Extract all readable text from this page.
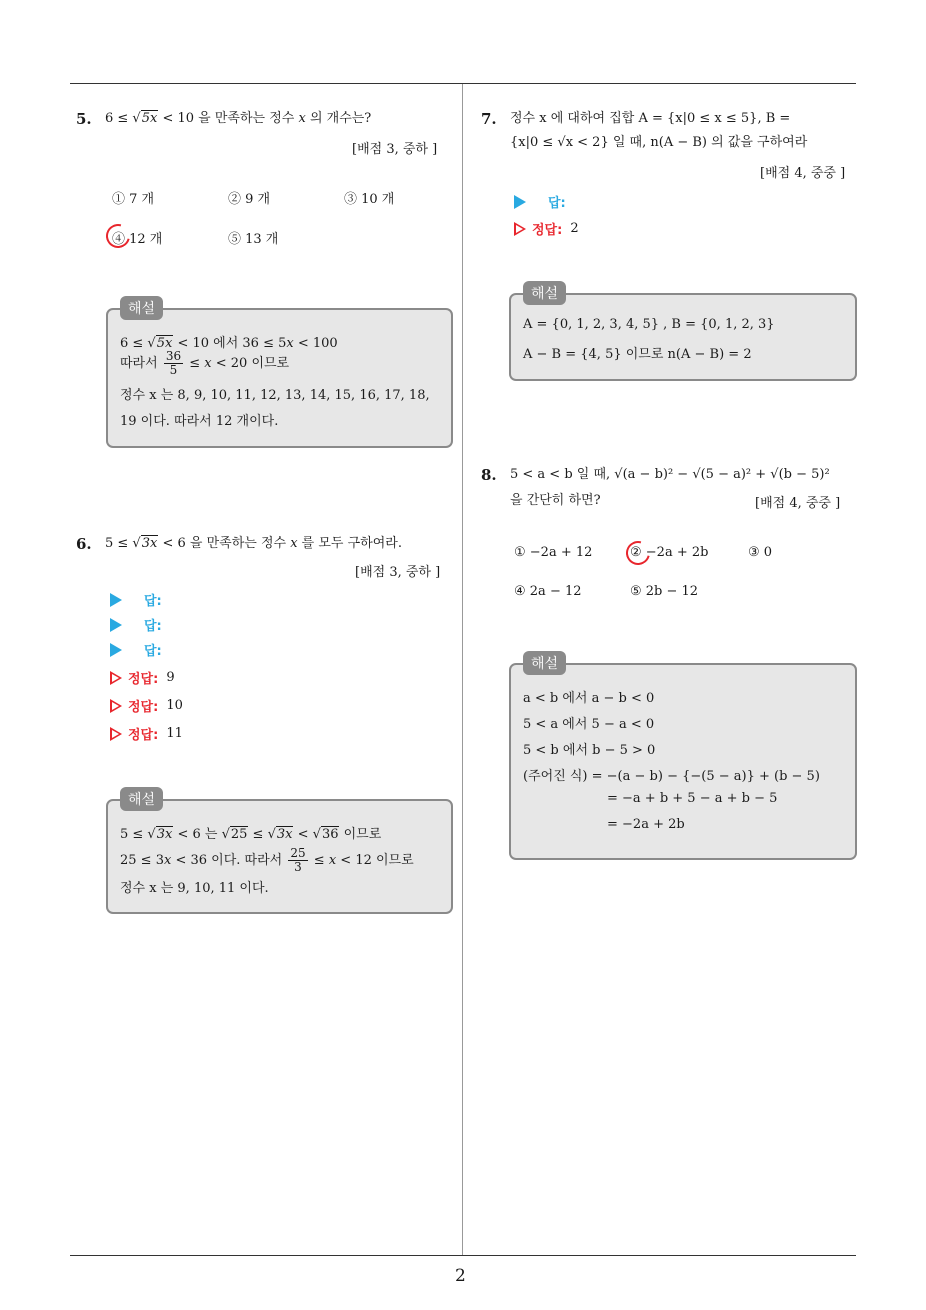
5. 6 ≤ √5x < 10 을 만족하는 정수 x 의 개수는?
[배점 3, 중하 ]
① 7 개	② 9 개	③ 10 개
④ 12 개	⑤ 13 개
해설
6 ≤ √5x < 10 에서 36 ≤ 5x < 100
따라서 $\frac{36}{5} \le x < 20$ 이므로
정수 x 는 8, 9, 10, 11, 12, 13, 14, 15, 16, 17, 18,
19 이다. 따라서 12 개이다.
6. 5 ≤ √3x < 6 을 만족하는 정수 x 를 모두 구하여라.
[배점 3, 중하 ]
답:
답:
답:
정답: 9
정답: 10
정답: 11
해설
5 ≤ √3x < 6 는 √25 ≤ √3x < √36 이므로
25 ≤ 3x < 36 이다. 따라서 $\frac{25}{3} \le x < 12$ 이므로
정수 x 는 9, 10, 11 이다.
7. 정수 x 에 대하여 집합 A = {x|0 ≤ x ≤ 5}, B =
{x|0 ≤ √x < 2} 일 때, n(A − B) 의 값을 구하여라
[배점 4, 중중 ]
답:
정답: 2
해설
A = {0, 1, 2, 3, 4, 5} , B = {0, 1, 2, 3}
A − B = {4, 5} 이므로 n(A − B) = 2
8. 5 < a < b 일 때, √(a − b)² − √(5 − a)² + √(b − 5)²
을 간단히 하면?	[배점 4, 중중 ]
① −2a + 12	② −2a + 2b	③ 0
④ 2a − 12	⑤ 2b − 12
해설
a < b 에서 a − b < 0
5 < a 에서 5 − a < 0
5 < b 에서 b − 5 > 0
(주어진 식) = −(a − b) − {−(5 − a)} + (b − 5)
= −a + b + 5 − a + b − 5
= −2a + 2b
2
